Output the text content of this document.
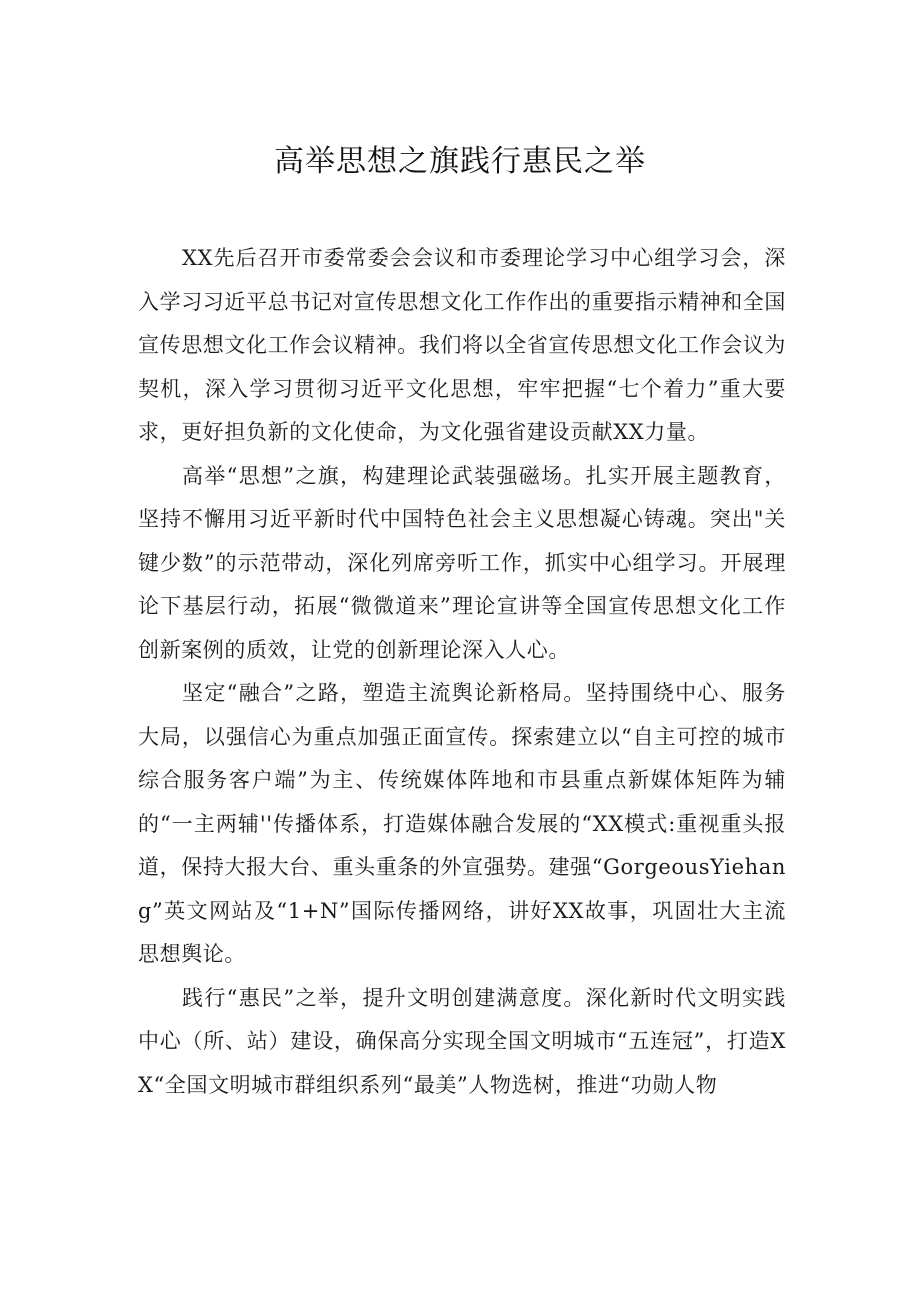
高举思想之旗践行惠民之举

XX先后召开市委常委会会议和市委理论学习中心组学习会，深入学习习近平总书记对宣传思想文化工作作出的重要指示精神和全国宣传思想文化工作会议精神。我们将以全省宣传思想文化工作会议为契机，深入学习贯彻习近平文化思想，牢牢把握“七个着力”重大要求，更好担负新的文化使命，为文化强省建设贡献XX力量。

高举“思想”之旗，构建理论武装强磁场。扎实开展主题教育，坚持不懈用习近平新时代中国特色社会主义思想凝心铸魂。突出"关键少数”的示范带动，深化列席旁听工作，抓实中心组学习。开展理论下基层行动，拓展“微微道来”理论宣讲等全国宣传思想文化工作创新案例的质效，让党的创新理论深入人心。

坚定“融合”之路，塑造主流舆论新格局。坚持围绕中心、服务大局，以强信心为重点加强正面宣传。探索建立以“自主可控的城市综合服务客户端”为主、传统媒体阵地和市县重点新媒体矩阵为辅的“一主两辅''传播体系，打造媒体融合发展的“XX模式:重视重头报道，保持大报大台、重头重条的外宣强势。建强“GorgeousYiehang”英文网站及“1+N”国际传播网络，讲好XX故事，巩固壮大主流思想舆论。

践行“惠民”之举，提升文明创建满意度。深化新时代文明实践中心（所、站）建设，确保高分实现全国文明城市“五连冠”，打造XX“全国文明城市群组织系列“最美”人物选树，推进“功勋人物
